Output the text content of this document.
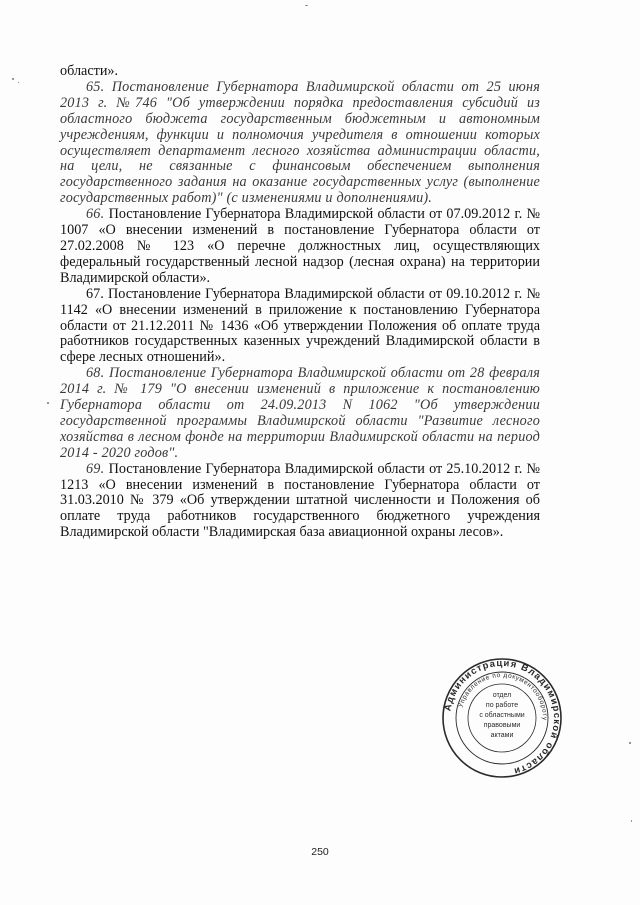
области».

65. Постановление Губернатора Владимирской области от 25 июня 2013 г. №746 "Об утверждении порядка предоставления субсидий из областного бюджета государственным бюджетным и автономным учреждениям, функции и полномочия учредителя в отношении которых осуществляет департамент лесного хозяйства администрации области, на цели, не связанные с финансовым обеспечением выполнения государственного задания на оказание государственных услуг (выполнение государственных работ)" (с изменениями и дополнениями).

66. Постановление Губернатора Владимирской области от 07.09.2012 г. № 1007 «О внесении изменений в постановление Губернатора области от 27.02.2008 № 123 «О перечне должностных лиц, осуществляющих федеральный государственный лесной надзор (лесная охрана) на территории Владимирской области».

67. Постановление Губернатора Владимирской области от 09.10.2012 г. № 1142 «О внесении изменений в приложение к постановлению Губернатора области от 21.12.2011 № 1436 «Об утверждении Положения об оплате труда работников государственных казенных учреждений Владимирской области в сфере лесных отношений».

68. Постановление Губернатора Владимирской области от 28 февраля 2014 г. № 179 "О внесении изменений в приложение к постановлению Губернатора области от 24.09.2013 N 1062 "Об утверждении государственной программы Владимирской области "Развитие лесного хозяйства в лесном фонде на территории Владимирской области на период 2014 - 2020 годов".

69. Постановление Губернатора Владимирской области от 25.10.2012 г. № 1213 «О внесении изменений в постановление Губернатора области от 31.03.2010 № 379 «Об утверждении штатной численности и Положения об оплате труда работников государственного бюджетного учреждения Владимирской области "Владимирская база авиационной охраны лесов».

Администрация Владимирской области
Управление по документообороту
отдел
по работе
с областными
правовыми
актами
250
